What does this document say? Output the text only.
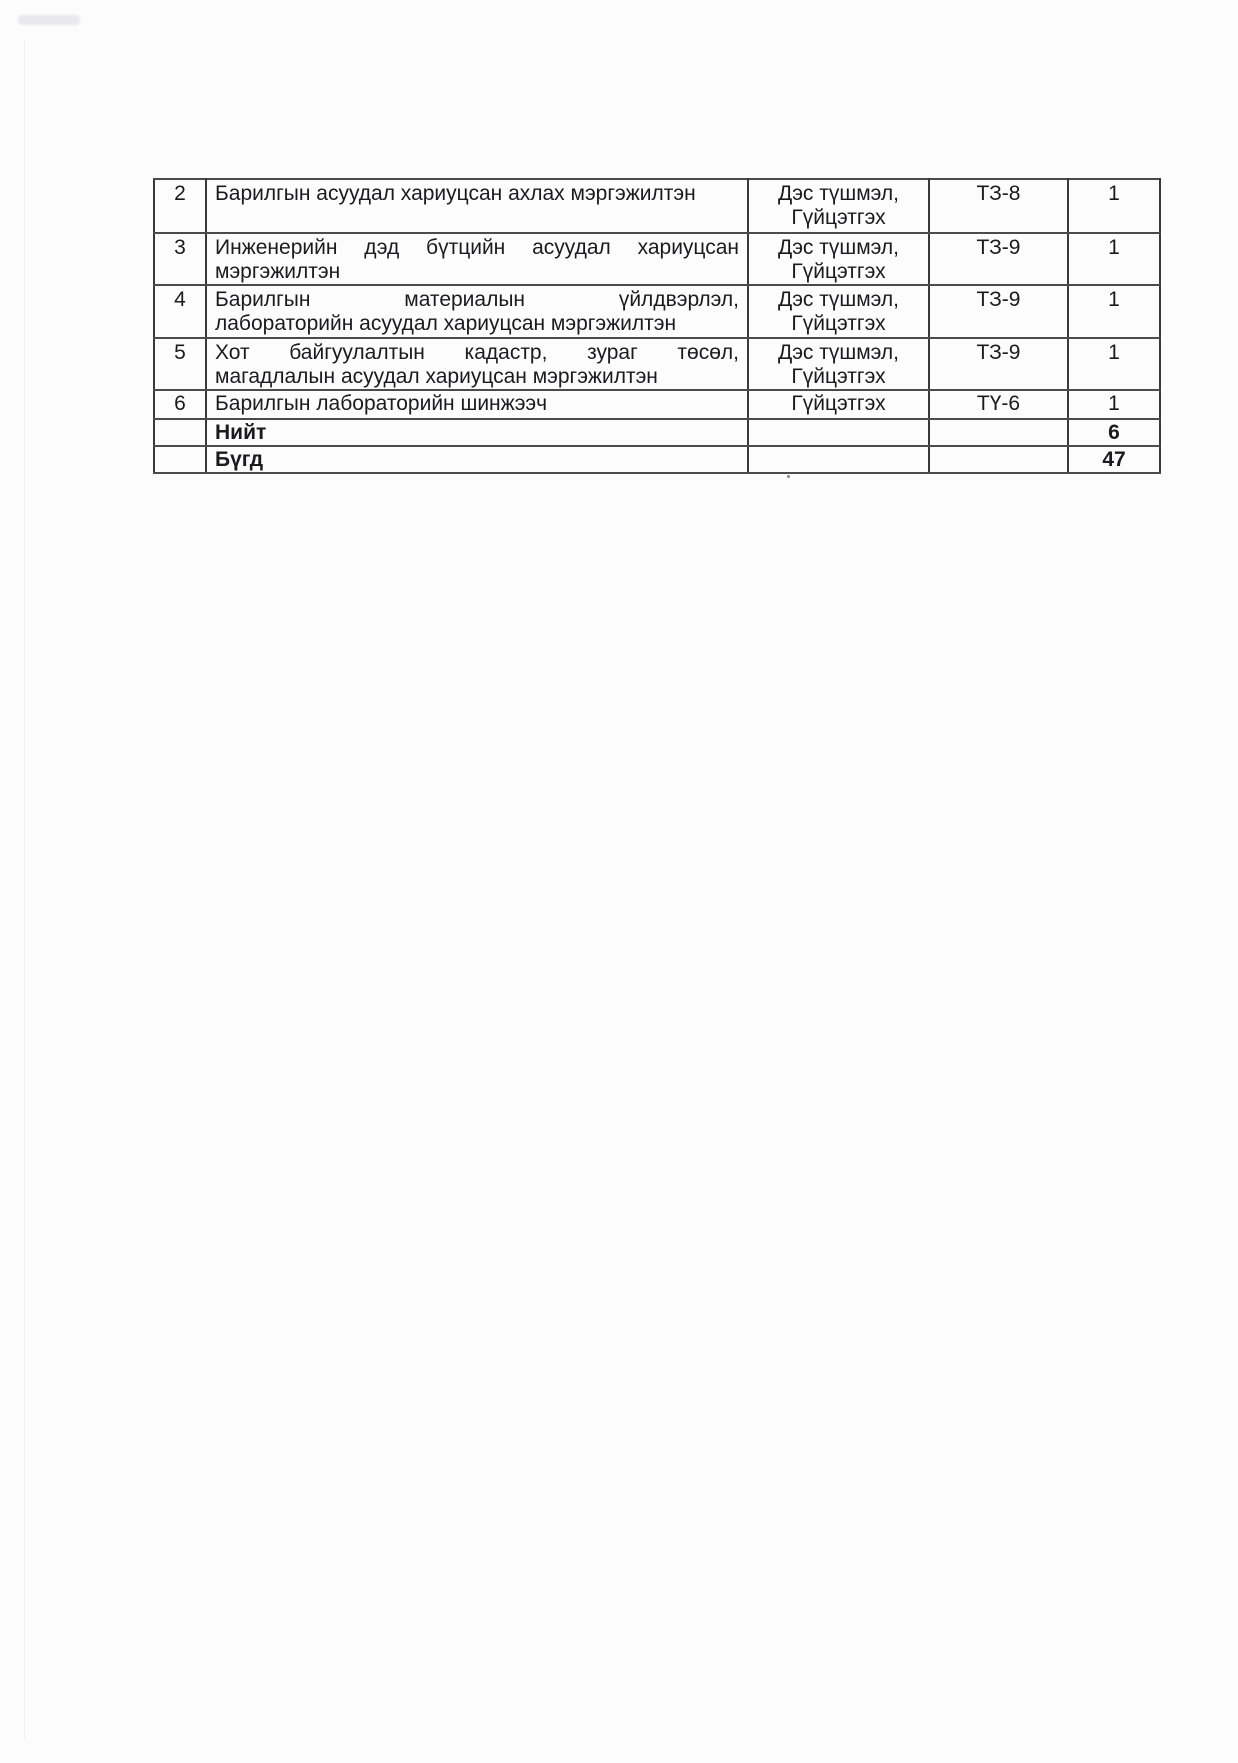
2	Барилгын асуудал хариуцсан ахлах мэргэжилтэн	Дэс түшмэл,
Гүйцэтгэх	ТЗ-8	1
3	Инженерийн дэд бүтцийн асуудал хариуцсан
мэргэжилтэн	Дэс түшмэл,
Гүйцэтгэх	ТЗ-9	1
4	Барилгын материалын үйлдвэрлэл,
лабораторийн асуудал хариуцсан мэргэжилтэн	Дэс түшмэл,
Гүйцэтгэх	ТЗ-9	1
5	Хот байгуулалтын кадастр, зураг төсөл,
магадлалын асуудал хариуцсан мэргэжилтэн	Дэс түшмэл,
Гүйцэтгэх	ТЗ-9	1
6	Барилгын лабораторийн шинжээч	Гүйцэтгэх	ТҮ-6	1
	Нийт			6
	Бүгд			47
